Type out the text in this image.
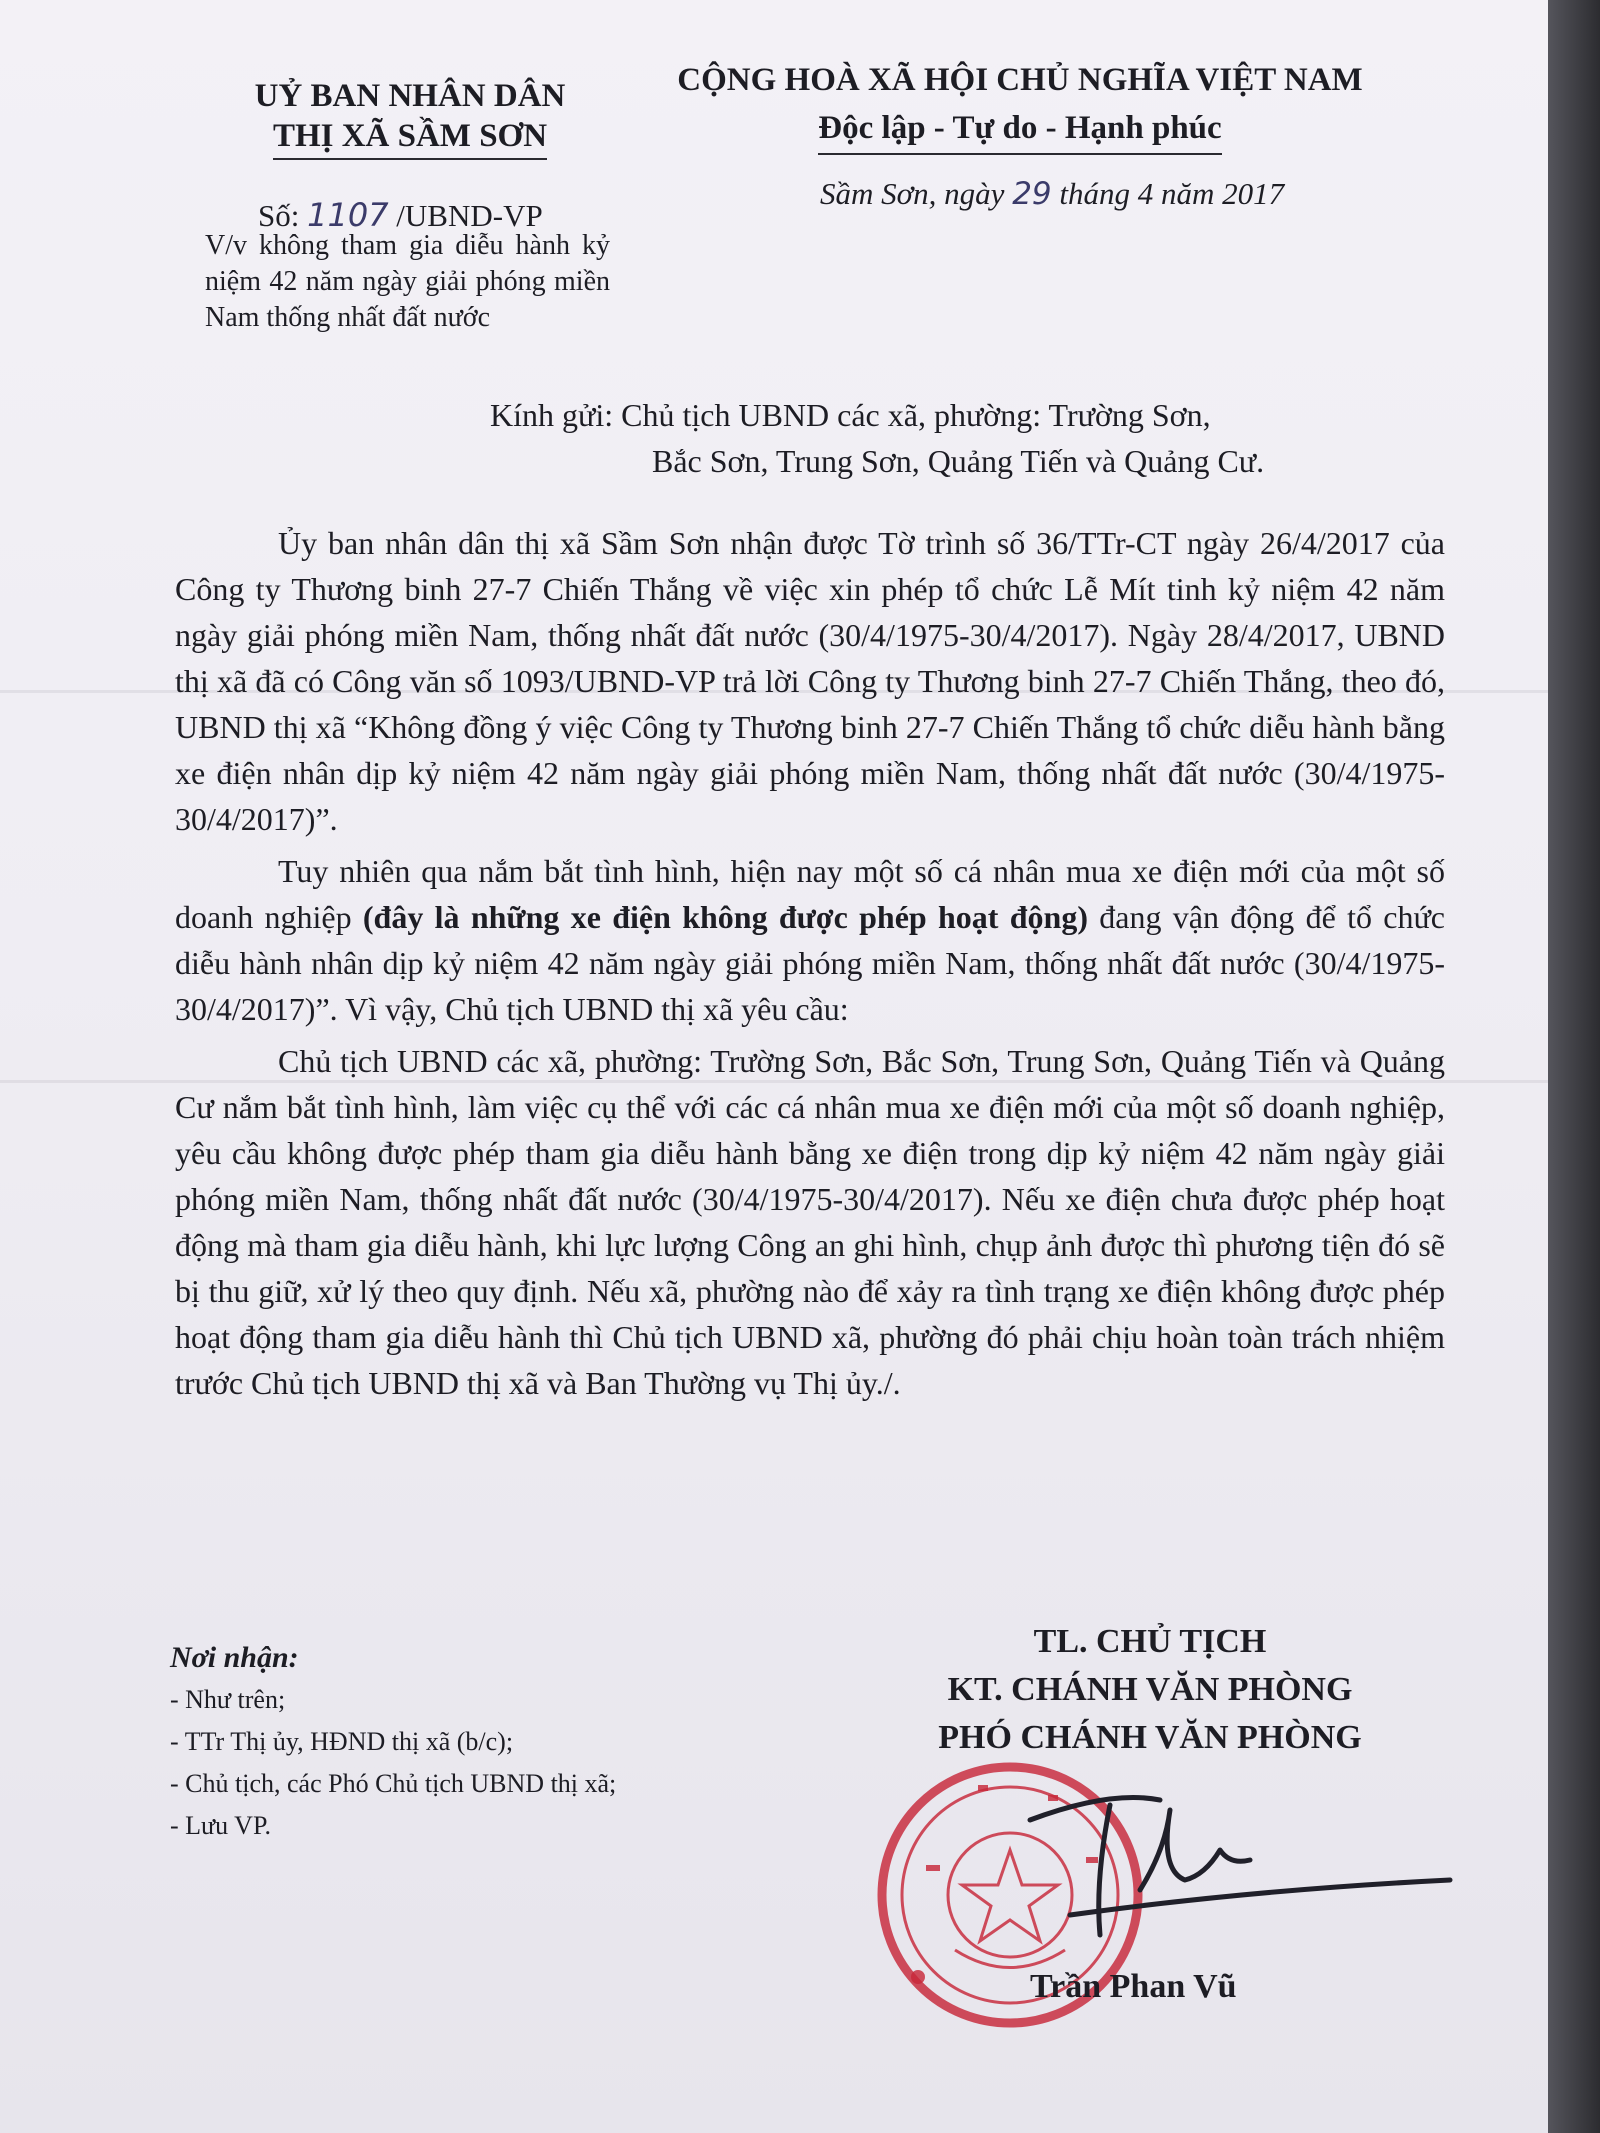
UỶ BAN NHÂN DÂN
THỊ XÃ SẦM SƠN
CỘNG HOÀ XÃ HỘI CHỦ NGHĨA VIỆT NAM
Độc lập - Tự do - Hạnh phúc
Số: 1107 /UBND-VP
V/v không tham gia diễu hành kỷ niệm 42 năm ngày giải phóng miền Nam thống nhất đất nước
Sầm Sơn, ngày 29 tháng 4 năm 2017
Kính gửi: Chủ tịch UBND các xã, phường: Trường Sơn,
Bắc Sơn, Trung Sơn, Quảng Tiến và Quảng Cư.

Ủy ban nhân dân thị xã Sầm Sơn nhận được Tờ trình số 36/TTr-CT ngày 26/4/2017 của Công ty Thương binh 27-7 Chiến Thắng về việc xin phép tổ chức Lễ Mít tinh kỷ niệm 42 năm ngày giải phóng miền Nam, thống nhất đất nước (30/4/1975-30/4/2017). Ngày 28/4/2017, UBND thị xã đã có Công văn số 1093/UBND-VP trả lời Công ty Thương binh 27-7 Chiến Thắng, theo đó, UBND thị xã “Không đồng ý việc Công ty Thương binh 27-7 Chiến Thắng tổ chức diễu hành bằng xe điện nhân dịp kỷ niệm 42 năm ngày giải phóng miền Nam, thống nhất đất nước (30/4/1975-30/4/2017)”.

Tuy nhiên qua nắm bắt tình hình, hiện nay một số cá nhân mua xe điện mới của một số doanh nghiệp (đây là những xe điện không được phép hoạt động) đang vận động để tổ chức diễu hành nhân dịp kỷ niệm 42 năm ngày giải phóng miền Nam, thống nhất đất nước (30/4/1975-30/4/2017)”. Vì vậy, Chủ tịch UBND thị xã yêu cầu:

Chủ tịch UBND các xã, phường: Trường Sơn, Bắc Sơn, Trung Sơn, Quảng Tiến và Quảng Cư nắm bắt tình hình, làm việc cụ thể với các cá nhân mua xe điện mới của một số doanh nghiệp, yêu cầu không được phép tham gia diễu hành bằng xe điện trong dịp kỷ niệm 42 năm ngày giải phóng miền Nam, thống nhất đất nước (30/4/1975-30/4/2017). Nếu xe điện chưa được phép hoạt động mà tham gia diễu hành, khi lực lượng Công an ghi hình, chụp ảnh được thì phương tiện đó sẽ bị thu giữ, xử lý theo quy định. Nếu xã, phường nào để xảy ra tình trạng xe điện không được phép hoạt động tham gia diễu hành thì Chủ tịch UBND xã, phường đó phải chịu hoàn toàn trách nhiệm trước Chủ tịch UBND thị xã và Ban Thường vụ Thị ủy./.

Nơi nhận:
- Như trên;
- TTr Thị ủy, HĐND thị xã (b/c);
- Chủ tịch, các Phó Chủ tịch UBND thị xã;
- Lưu VP.
TL. CHỦ TỊCH
KT. CHÁNH VĂN PHÒNG
PHÓ CHÁNH VĂN PHÒNG
Trần Phan Vũ
